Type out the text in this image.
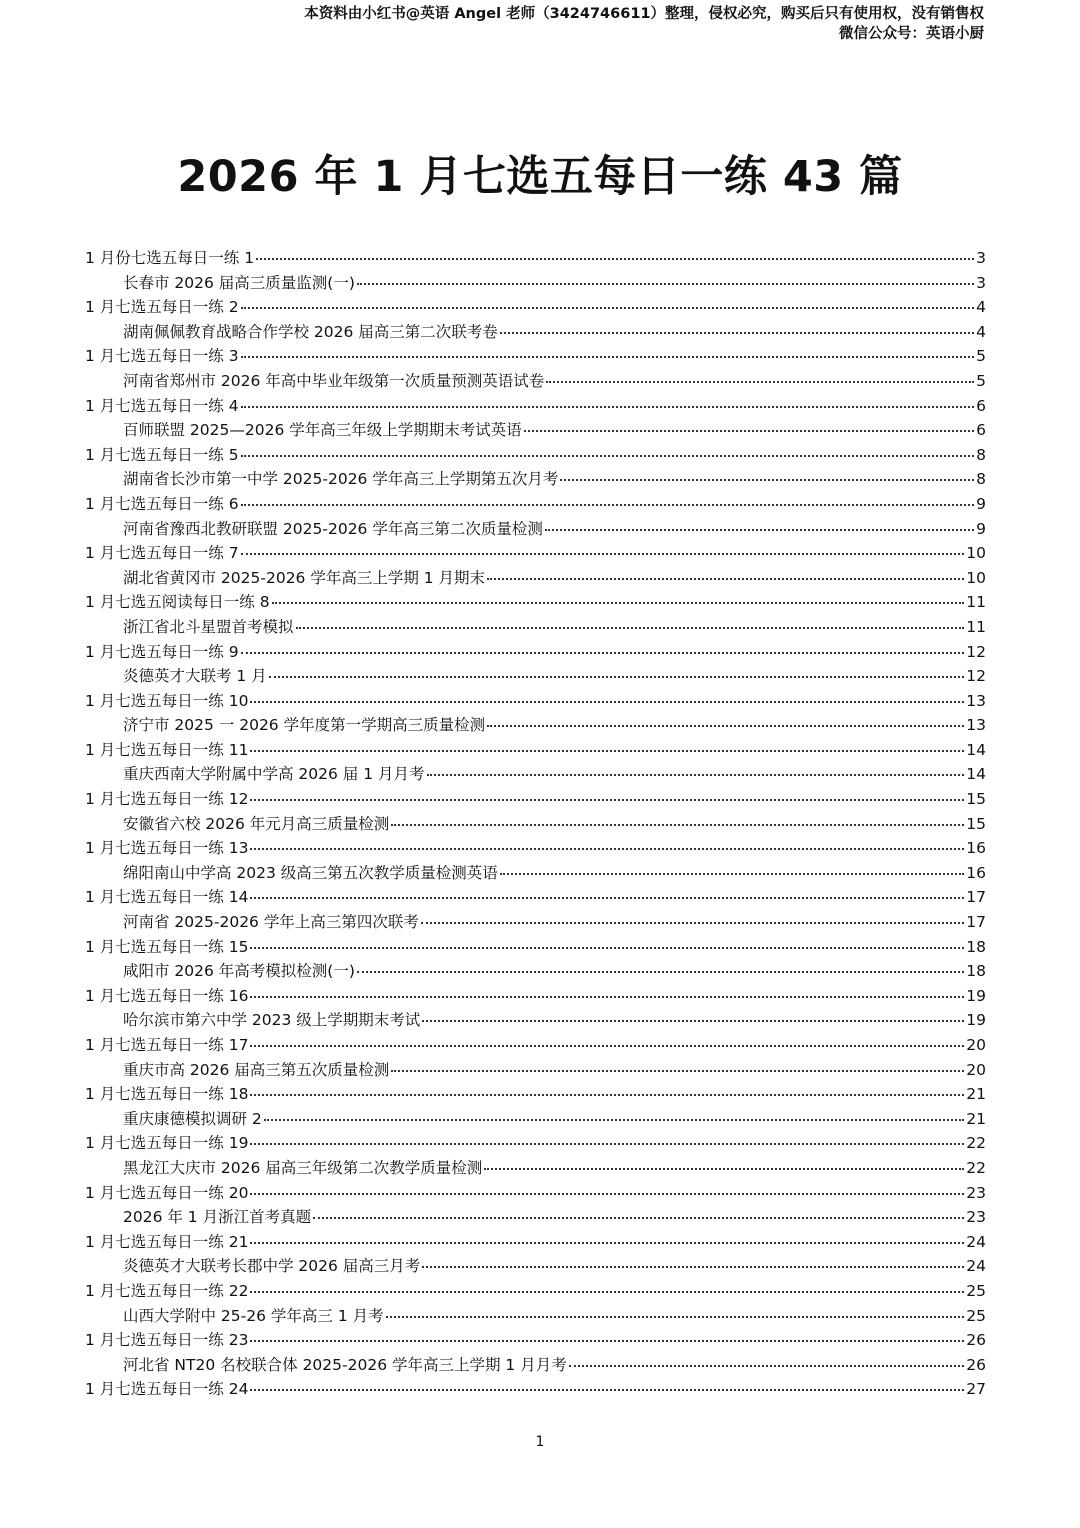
本资料由小红书@英语 Angel 老师（3424746611）整理，侵权必究，购买后只有使用权，没有销售权
微信公众号：英语小厨
2026 年 1 月七选五每日一练 43 篇
1 月份七选五每日一练 1	3
长春市 2026 届高三质量监测(一)	3
1 月七选五每日一练 2	4
湖南佩佩教育战略合作学校 2026 届高三第二次联考卷	4
1 月七选五每日一练 3	5
河南省郑州市 2026 年高中毕业年级第一次质量预测英语试卷	5
1 月七选五每日一练 4	6
百师联盟 2025—2026 学年高三年级上学期期末考试英语	6
1 月七选五每日一练 5	8
湖南省长沙市第一中学 2025-2026 学年高三上学期第五次月考	8
1 月七选五每日一练 6	9
河南省豫西北教研联盟 2025-2026 学年高三第二次质量检测	9
1 月七选五每日一练 7	10
湖北省黄冈市 2025-2026 学年高三上学期 1 月期末	10
1 月七选五阅读每日一练 8	11
浙江省北斗星盟首考模拟	11
1 月七选五每日一练 9	12
炎德英才大联考 1 月	12
1 月七选五每日一练 10	13
济宁市 2025 一 2026 学年度第一学期高三质量检测	13
1 月七选五每日一练 11	14
重庆西南大学附属中学高 2026 届 1 月月考	14
1 月七选五每日一练 12	15
安徽省六校 2026 年元月高三质量检测	15
1 月七选五每日一练 13	16
绵阳南山中学高 2023 级高三第五次教学质量检测英语	16
1 月七选五每日一练 14	17
河南省 2025-2026 学年上高三第四次联考	17
1 月七选五每日一练 15	18
咸阳市 2026 年高考模拟检测(一)	18
1 月七选五每日一练 16	19
哈尔滨市第六中学 2023 级上学期期末考试	19
1 月七选五每日一练 17	20
重庆市高 2026 届高三第五次质量检测	20
1 月七选五每日一练 18	21
重庆康德模拟调研 2	21
1 月七选五每日一练 19	22
黑龙江大庆市 2026 届高三年级第二次教学质量检测	22
1 月七选五每日一练 20	23
2026 年 1 月浙江首考真题	23
1 月七选五每日一练 21	24
炎德英才大联考长郡中学 2026 届高三月考	24
1 月七选五每日一练 22	25
山西大学附中 25-26 学年高三 1 月考	25
1 月七选五每日一练 23	26
河北省 NT20 名校联合体 2025-2026 学年高三上学期 1 月月考	26
1 月七选五每日一练 24	27
1
